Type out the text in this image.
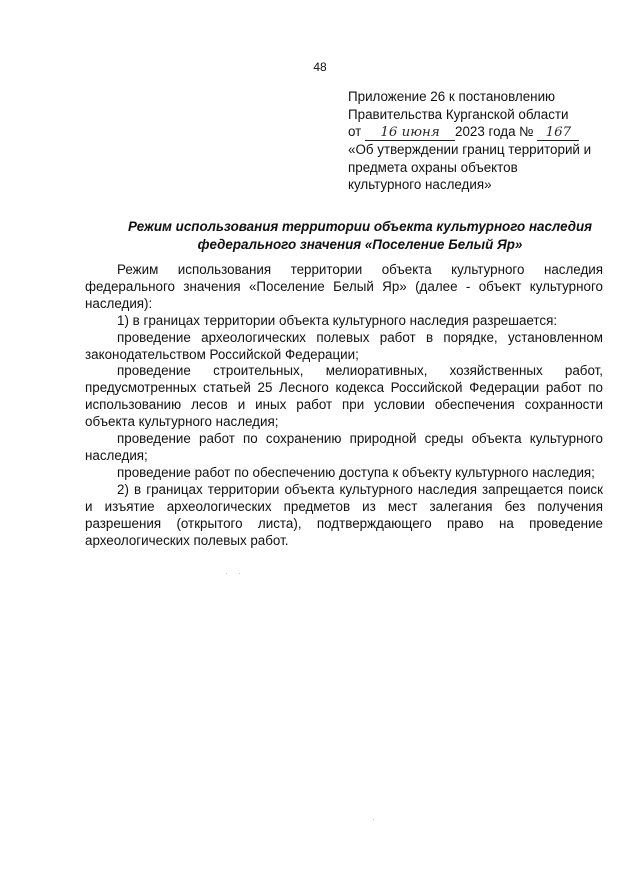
48
Приложение 26 к постановлению
Правительства Курганской области
от 16 июня 2023 года № 167
«Об утверждении границ территорий и
предмета охраны объектов
культурного наследия»
Режим использования территории объекта культурного наследия
федерального значения «Поселение Белый Яр»

Режим использования территории объекта культурного наследия федерального значения «Поселение Белый Яр» (далее - объект культурного наследия):

1) в границах территории объекта культурного наследия разрешается:

проведение археологических полевых работ в порядке, установленном законодательством Российской Федерации;

проведение строительных, мелиоративных, хозяйственных работ, предусмотренных статьей 25 Лесного кодекса Российской Федерации работ по использованию лесов и иных работ при условии обеспечения сохранности объекта культурного наследия;

проведение работ по сохранению природной среды объекта культурного наследия;

проведение работ по обеспечению доступа к объекту культурного наследия;

2) в границах территории объекта культурного наследия запрещается поиск и изъятие археологических предметов из мест залегания без получения разрешения (открытого листа), подтверждающего право на проведение археологических полевых работ.

·    ·
·
